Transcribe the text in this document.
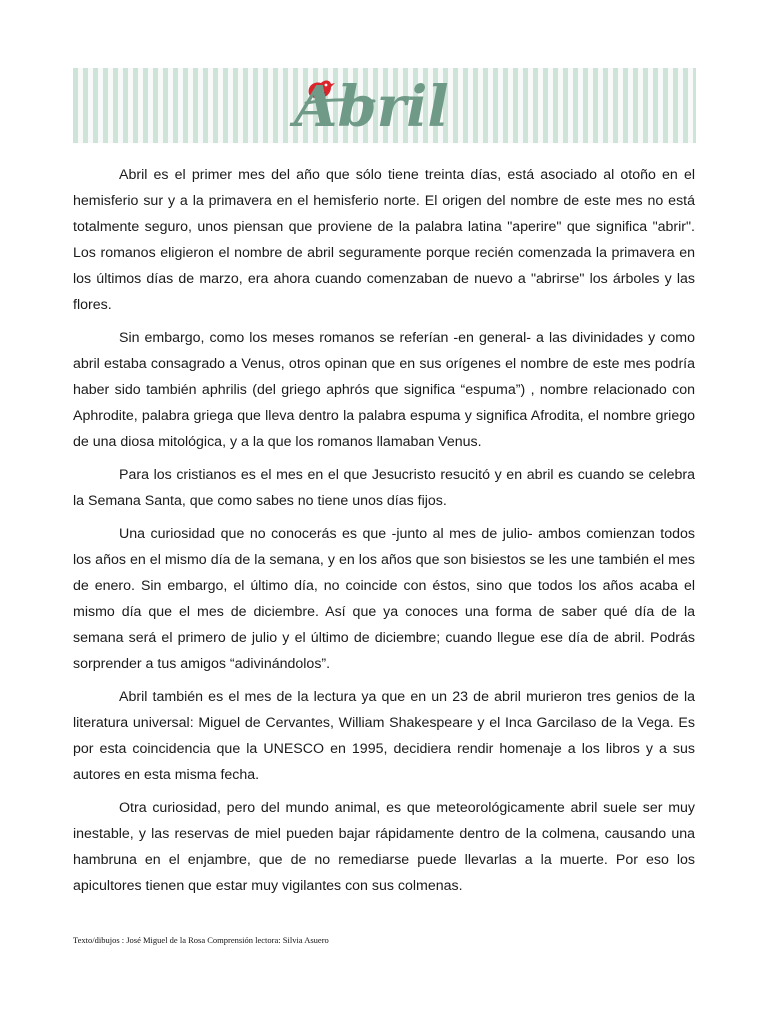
Abril

Abril es el primer mes del año que sólo tiene treinta días, está asociado al otoño en el hemisferio sur y a la primavera en el hemisferio norte. El origen del nombre de este mes no está totalmente seguro, unos piensan que proviene de la palabra latina "aperire" que significa "abrir". Los romanos eligieron el nombre de abril seguramente porque recién comenzada la primavera en los últimos días de marzo, era ahora cuando comenzaban de nuevo a "abrirse" los árboles y las flores.

Sin embargo, como los meses romanos se referían -en general- a las divinidades y como abril estaba consagrado a Venus, otros opinan que en sus orígenes el nombre de este mes podría haber sido también aphrilis (del griego aphrós que significa “espuma”) , nombre relacionado con Aphrodite, palabra griega que lleva dentro la palabra espuma y significa Afrodita, el nombre griego de una diosa mitológica, y a la que los romanos llamaban Venus.

Para los cristianos es el mes en el que Jesucristo resucitó y en abril es cuando se celebra la Semana Santa, que como sabes no tiene unos días fijos.

Una curiosidad que no conocerás es que -junto al mes de julio- ambos comienzan todos los años en el mismo día de la semana, y en los años que son bisiestos se les une también el mes de enero. Sin embargo, el último día, no coincide con éstos, sino que todos los años acaba el mismo día que el mes de diciembre. Así que ya conoces una forma de saber qué día de la semana será el primero de julio y el último de diciembre; cuando llegue ese día de abril. Podrás sorprender a tus amigos “adivinándolos”.

Abril también es el mes de la lectura ya que en un 23 de abril murieron tres genios de la literatura universal: Miguel de Cervantes, William Shakespeare y el Inca Garcilaso de la Vega. Es por esta coincidencia que la UNESCO en 1995, decidiera rendir homenaje a los libros y a sus autores en esta misma fecha.

Otra curiosidad, pero del mundo animal, es que meteorológicamente abril suele ser muy inestable, y las reservas de miel pueden bajar rápidamente dentro de la colmena, causando una hambruna en el enjambre, que de no remediarse puede llevarlas a la muerte. Por eso los apicultores tienen que estar muy vigilantes con sus colmenas.

Texto/dibujos : José Miguel de la Rosa Comprensión lectora: Silvia Asuero
